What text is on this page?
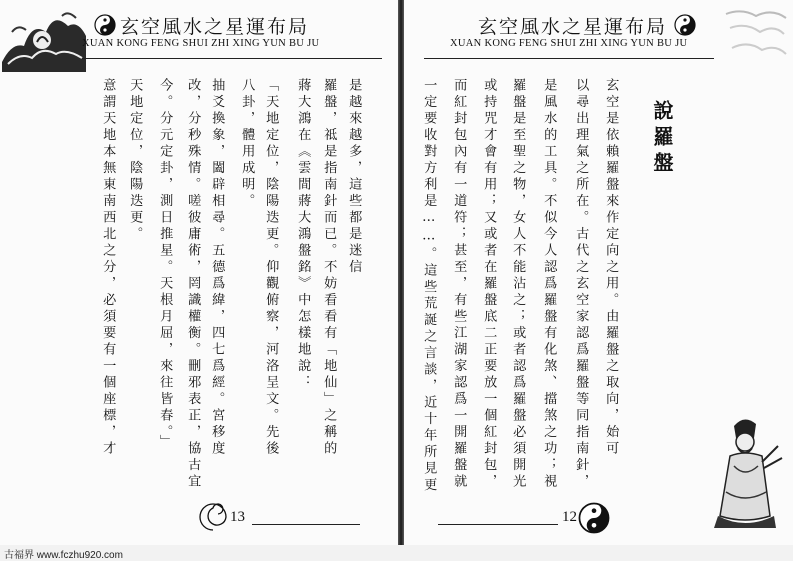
玄空風水之星運布局
XUAN KONG FENG SHUI ZHI XING YUN BU JU
是越來越多，這些都是迷信
羅盤，祗是指南針而已。不妨看看有「地仙」之稱的
蔣大鴻在《雲間蔣大鴻盤銘》中怎樣地說：
「天地定位，陰陽迭更。仰觀俯察，河洛呈文。先後
八卦，體用成明。
抽爻換象，闔辟相尋。五德爲緯，四七爲經。宮移度
改，分秒殊情。嗟彼庸術，罔識權衡。刪邪表正，協古宜
今。分元定卦，測日推星。天根月屈，來往皆春。」
天地定位，陰陽迭更。
意謂天地本無東南西北之分，必須要有一個座標，才
13
玄空風水之星運布局
XUAN KONG FENG SHUI ZHI XING YUN BU JU
說羅盤
玄空是依賴羅盤來作定向之用。由羅盤之取向，始可
以尋出理氣之所在。古代之玄空家認爲羅盤等同指南針，
是風水的工具。不似今人認爲羅盤有化煞、擋煞之功；視
羅盤是至聖之物，女人不能沾之；或者認爲羅盤必須開光
或持咒才會有用；又或者在羅盤底二正要放一個紅封包，
而紅封包內有一道符；甚至，有些江湖家認爲一開羅盤就
一定要收對方利是……。這些荒誕之言談，近十年所見更
12
古福界 www.fczhu920.com
